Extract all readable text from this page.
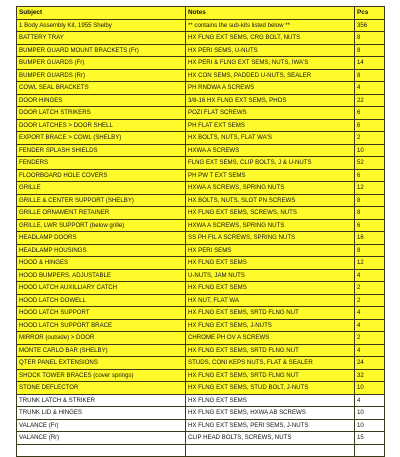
Subject	Notes	Pcs
1 Body Assembly Kit, 1955 Shelby	** contains the sub-kits listed below **	356
BATTERY TRAY	HX FLNG EXT SEMS, CRG BOLT, NUTS	8
BUMPER GUARD MOUNT BRACKETS (Fr)	HX PERI SEMS, U-NUTS	8
BUMPER GUARDS (Fr)	HX PERI & FLNG EXT SEMS, NUTS, IWA'S	14
BUMPER GUARDS (Rr)	HX CON SEMS, PADDED U-NUTS, SEALER	8
COWL SEAL BRACKETS	PH RNDWA A SCREWS	4
DOOR HINGES	3/8-16 HX FLNG EXT SEMS, PHOS	22
DOOR LATCH STRIKERS	POZI FLAT SCREWS	6
DOOR LATCHES > DOOR SHELL	PH FLAT EXT SEMS	6
EXPORT BRACE > COWL (SHELBY)	HX BOLTS, NUTS, FLAT WA'S	2
FENDER SPLASH SHIELDS	HXWA A SCREWS	10
FENDERS	FLNG EXT SEMS, CLIP BOLTS, J & U-NUTS	52
FLOORBOARD HOLE COVERS	PH PW T EXT SEMS	6
GRILLE	HXWA A SCREWS, SPRING NUTS	12
GRILLE & CENTER SUPPORT (SHELBY)	HX BOLTS, NUTS, SLOT PN SCREWS	8
GRILLE ORNAMENT RETAINER	HX FLNG EXT SEMS, SCREWS, NUTS	8
GRILLE, LWR SUPPORT (below grille)	HXWA A SCREWS, SPRING NUTS	6
HEADLAMP DOORS	SS PH FIL A SCREWS, SPRING NUTS	16
HEADLAMP HOUSINGS	HX PERI SEMS	8
HOOD & HINGES	HX FLNG EXT SEMS	12
HOOD BUMPERS, ADJUSTABLE	U-NUTS, JAM NUTS	4
HOOD LATCH AUXILLIARY CATCH	HX FLNG EXT SEMS	2
HOOD LATCH DOWELL	HX NUT, FLAT WA	2
HOOD LATCH SUPPORT	HX FLNG EXT SEMS, SRTD FLNG NUT	4
HOOD LATCH SUPPORT BRACE	HX FLNG EXT SEMS, J-NUTS	4
MIRROR (outside) > DOOR	CHROME PH OV A SCREWS	2
MONTE CARLO BAR (SHELBY)	HX FLNG EXT SEMS, SRTD FLNG NUT	4
QTER PANEL EXTENSIONS	STUDS, CONI KEPS NUTS, FLAT & SEALER	24
SHOCK TOWER BRACES (cover springs)	HX FLNG EXT SEMS, SRTD FLNG NUT	32
STONE DEFLECTOR	HX FLNG EXT SEMS, STUD BOLT, J-NUTS	10
TRUNK LATCH & STRIKER	HX FLNG EXT SEMS	4
TRUNK LID & HINGES	HX FLNG EXT SEMS, HXWA AB SCREWS	10
VALANCE (Fr)	HX FLNG EXT SEMS, PERI SEMS, J-NUTS	10
VALANCE (Rr)	CLIP HEAD BOLTS, SCREWS, NUTS	15
